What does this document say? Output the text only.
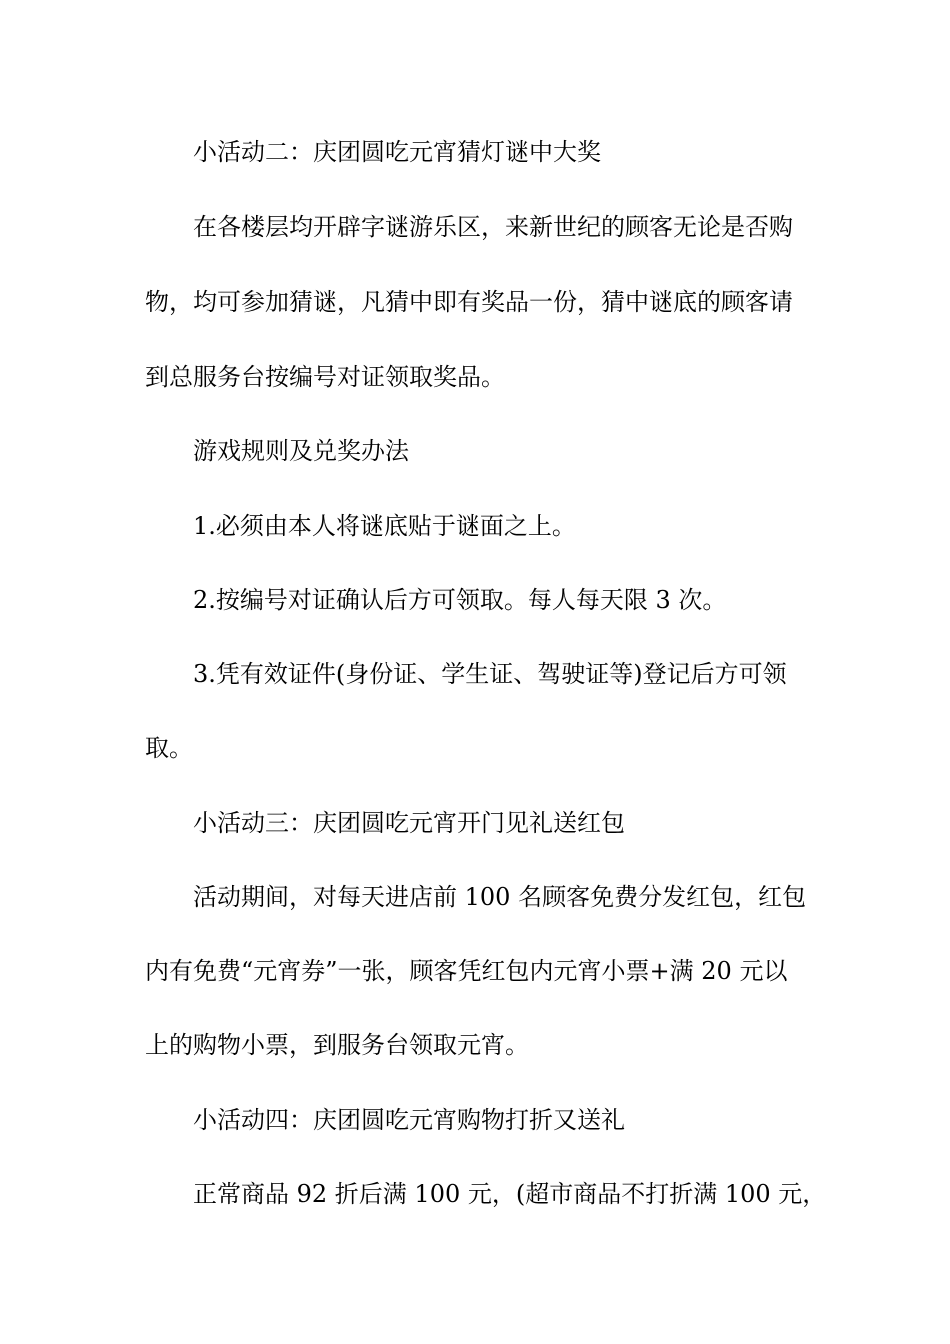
小活动二：庆团圆吃元宵猜灯谜中大奖

在各楼层均开辟字谜游乐区，来新世纪的顾客无论是否购

物，均可参加猜谜，凡猜中即有奖品一份，猜中谜底的顾客请

到总服务台按编号对证领取奖品。

游戏规则及兑奖办法

1.必须由本人将谜底贴于谜面之上。

2.按编号对证确认后方可领取。每人每天限 3 次。

3.凭有效证件(身份证、学生证、驾驶证等)登记后方可领

取。

小活动三：庆团圆吃元宵开门见礼送红包

活动期间，对每天进店前 100 名顾客免费分发红包，红包

内有免费“元宵券”一张，顾客凭红包内元宵小票+满 20 元以

上的购物小票，到服务台领取元宵。

小活动四：庆团圆吃元宵购物打折又送礼

正常商品 92 折后满 100 元，(超市商品不打折满 100 元，
